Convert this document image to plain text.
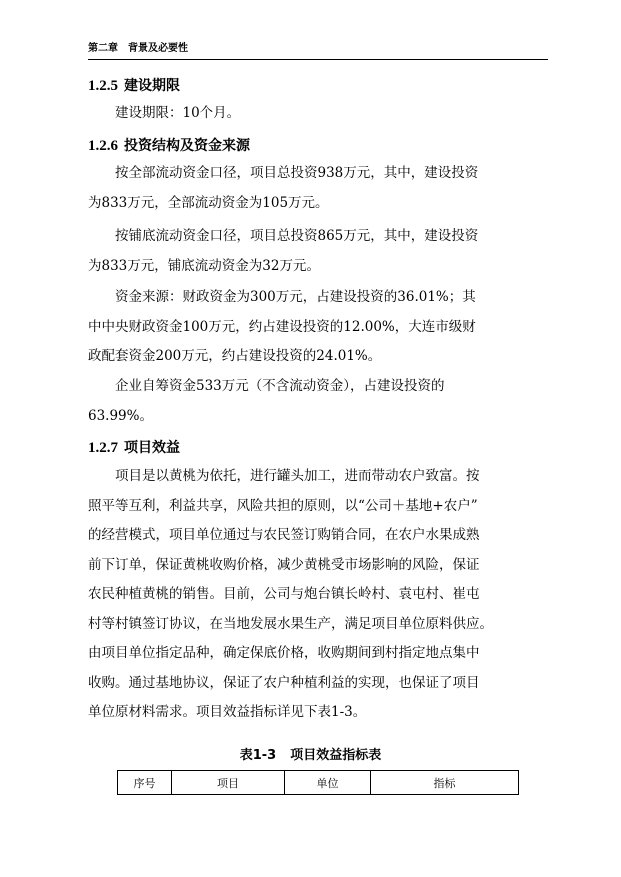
第二章　背景及必要性
1.2.5 建设期限
　　建设期限：10个月。
1.2.6 投资结构及资金来源
　　按全部流动资金口径，项目总投资938万元，其中，建设投资
为833万元，全部流动资金为105万元。
　　按铺底流动资金口径，项目总投资865万元，其中，建设投资
为833万元，铺底流动资金为32万元。
　　资金来源：财政资金为300万元，占建设投资的36.01%；其
中中央财政资金100万元，约占建设投资的12.00%，大连市级财
政配套资金200万元，约占建设投资的24.01%。
　　企业自筹资金533万元（不含流动资金），占建设投资的
63.99%。
1.2.7 项目效益
　　项目是以黄桃为依托，进行罐头加工，进而带动农户致富。按
照平等互利，利益共享，风险共担的原则，以“公司＋基地+农户”
的经营模式，项目单位通过与农民签订购销合同，在农户水果成熟
前下订单，保证黄桃收购价格，减少黄桃受市场影响的风险，保证
农民种植黄桃的销售。目前，公司与炮台镇长岭村、袁屯村、崔屯
村等村镇签订协议，在当地发展水果生产，满足项目单位原料供应。
由项目单位指定品种，确定保底价格，收购期间到村指定地点集中
收购。通过基地协议，保证了农户种植利益的实现，也保证了项目
单位原材料需求。项目效益指标详见下表1-3。
表1-3 项目效益指标表
序号	项目	单位	指标
